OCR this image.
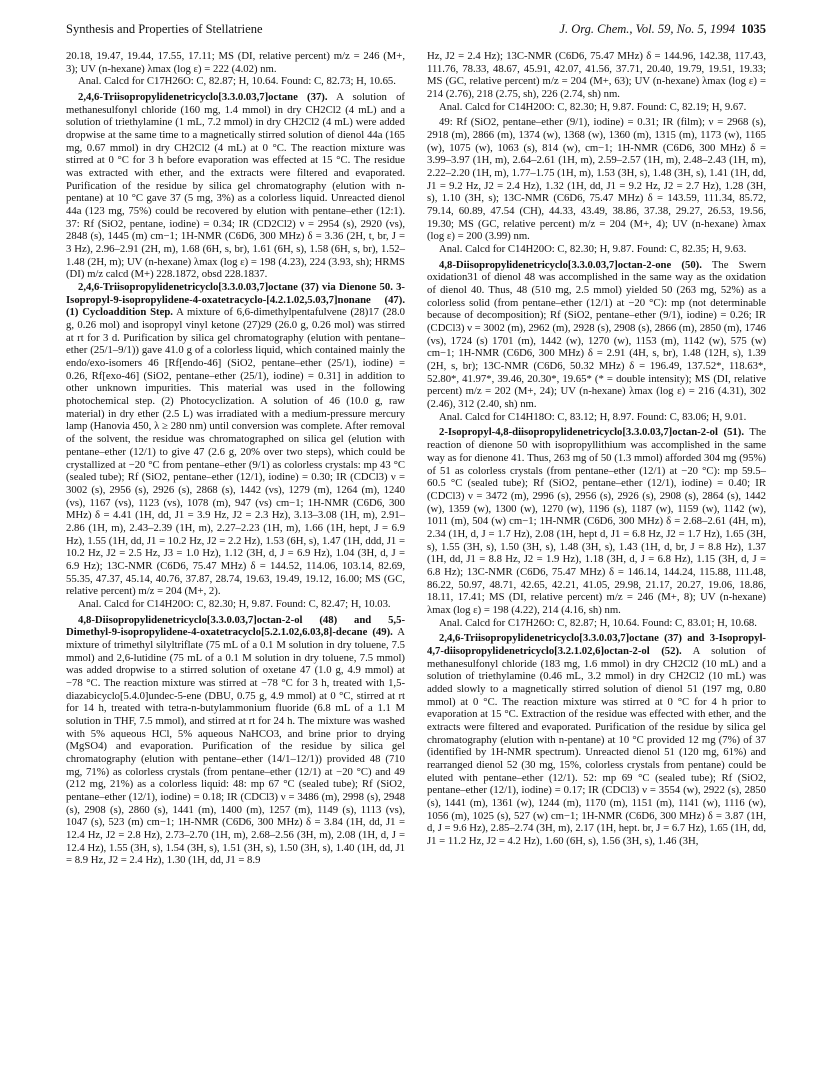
Synthesis and Properties of Stellatriene	J. Org. Chem., Vol. 59, No. 5, 1994 1035

20.18, 19.47, 19.44, 17.55, 17.11; MS (DI, relative percent) m/z = 246 (M+, 3); UV (n-hexane) λmax (log ε) = 222 (4.02) nm.

Anal. Calcd for C17H26O: C, 82.87; H, 10.64. Found: C, 82.73; H, 10.65.

2,4,6-Triisopropylidenetricyclo[3.3.0.03,7]octane (37). A solution of methanesulfonyl chloride (160 mg, 1.4 mmol) in dry CH2Cl2 (4 mL) and a solution of triethylamine (1 mL, 7.2 mmol) in dry CH2Cl2 (4 mL) were added dropwise at the same time to a magnetically stirred solution of dienol 44a (165 mg, 0.67 mmol) in dry CH2Cl2 (4 mL) at 0 °C. The reaction mixture was stirred at 0 °C for 3 h before evaporation was effected at 15 °C. The residue was extracted with ether, and the extracts were filtered and evaporated. Purification of the residue by silica gel chromatography (elution with n-pentane) at 10 °C gave 37 (5 mg, 3%) as a colorless liquid. Unreacted dienol 44a (123 mg, 75%) could be recovered by elution with pentane–ether (12:1). 37: Rf (SiO2, pentane, iodine) = 0.34; IR (CD2Cl2) ν = 2954 (s), 2920 (vs), 2848 (s), 1445 (m) cm−1; 1H-NMR (C6D6, 300 MHz) δ = 3.36 (2H, t, br, J = 3 Hz), 2.96–2.91 (2H, m), 1.68 (6H, s, br), 1.61 (6H, s), 1.58 (6H, s, br), 1.52–1.48 (2H, m); UV (n-hexane) λmax (log ε) = 198 (4.23), 224 (3.93, sh); HRMS (DI) m/z calcd (M+) 228.1872, obsd 228.1837.

2,4,6-Triisopropylidenetricyclo[3.3.0.03,7]octane (37) via Dienone 50. 3-Isopropyl-9-isopropylidene-4-oxatetracyclo-[4.2.1.02,5.03,7]nonane (47). (1) Cycloaddition Step. A mixture of 6,6-dimethylpentafulvene (28)17 (28.0 g, 0.26 mol) and isopropyl vinyl ketone (27)29 (26.0 g, 0.26 mol) was stirred at rt for 3 d. Purification by silica gel chromatography (elution with pentane–ether (25/1–9/1)) gave 41.0 g of a colorless liquid, which contained mainly the endo/exo-isomers 46 [Rf[endo-46] (SiO2, pentane–ether (25/1), iodine) = 0.26, Rf[exo-46] (SiO2, pentane–ether (25/1), iodine) = 0.31] in addition to other unknown impurities. This material was used in the following photochemical step. (2) Photocyclization. A solution of 46 (10.0 g, raw material) in dry ether (2.5 L) was irradiated with a medium-pressure mercury lamp (Hanovia 450, λ ≥ 280 nm) until conversion was complete. After removal of the solvent, the residue was chromatographed on silica gel (elution with pentane–ether (12/1) to give 47 (2.6 g, 20% over two steps), which could be crystallized at −20 °C from pentane–ether (9/1) as colorless crystals: mp 43 °C (sealed tube); Rf (SiO2, pentane–ether (12/1), iodine) = 0.30; IR (CDCl3) ν = 3002 (s), 2956 (s), 2926 (s), 2868 (s), 1442 (vs), 1279 (m), 1264 (m), 1240 (vs), 1167 (vs), 1123 (vs), 1078 (m), 947 (vs) cm−1; 1H-NMR (C6D6, 300 MHz) δ = 4.41 (1H, dd, J1 = 3.9 Hz, J2 = 2.3 Hz), 3.13–3.08 (1H, m), 2.91–2.86 (1H, m), 2.43–2.39 (1H, m), 2.27–2.23 (1H, m), 1.66 (1H, hept, J = 6.9 Hz), 1.55 (1H, dd, J1 = 10.2 Hz, J2 = 2.2 Hz), 1.53 (6H, s), 1.47 (1H, ddd, J1 = 10.2 Hz, J2 = 2.5 Hz, J3 = 1.0 Hz), 1.12 (3H, d, J = 6.9 Hz), 1.04 (3H, d, J = 6.9 Hz); 13C-NMR (C6D6, 75.47 MHz) δ = 144.52, 114.06, 103.14, 82.69, 55.35, 47.37, 45.14, 40.76, 37.87, 28.74, 19.63, 19.49, 19.12, 16.00; MS (GC, relative percent) m/z = 204 (M+, 2).

Anal. Calcd for C14H20O: C, 82.30; H, 9.87. Found: C, 82.47; H, 10.03.

4,8-Diisopropylidenetricyclo[3.3.0.03,7]octan-2-ol (48) and 5,5-Dimethyl-9-isopropylidene-4-oxatetracyclo[5.2.1.02,6.03,8]-decane (49). A mixture of trimethyl silyltriflate (75 mL of a 0.1 M solution in dry toluene, 7.5 mmol) and 2,6-lutidine (75 mL of a 0.1 M solution in dry toluene, 7.5 mmol) was added dropwise to a stirred solution of oxetane 47 (1.0 g, 4.9 mmol) at −78 °C. The reaction mixture was stirred at −78 °C for 3 h, treated with 1,5-diazabicyclo[5.4.0]undec-5-ene (DBU, 0.75 g, 4.9 mmol) at 0 °C, stirred at rt for 14 h, treated with tetra-n-butylammonium fluoride (6.8 mL of a 1.1 M solution in THF, 7.5 mmol), and stirred at rt for 24 h. The mixture was washed with 5% aqueous HCl, 5% aqueous NaHCO3, and brine prior to drying (MgSO4) and evaporation. Purification of the residue by silica gel chromatography (elution with pentane–ether (14/1–12/1)) provided 48 (710 mg, 71%) as colorless crystals (from pentane–ether (12/1) at −20 °C) and 49 (212 mg, 21%) as a colorless liquid: 48: mp 67 °C (sealed tube); Rf (SiO2, pentane–ether (12/1), iodine) = 0.18; IR (CDCl3) ν = 3486 (m), 2998 (s), 2948 (s), 2908 (s), 2860 (s), 1441 (m), 1400 (m), 1257 (m), 1149 (s), 1113 (vs), 1047 (s), 523 (m) cm−1; 1H-NMR (C6D6, 300 MHz) δ = 3.84 (1H, dd, J1 = 12.4 Hz, J2 = 2.8 Hz), 2.73–2.70 (1H, m), 2.68–2.56 (3H, m), 2.08 (1H, d, J = 12.4 Hz), 1.55 (3H, s), 1.54 (3H, s), 1.51 (3H, s), 1.50 (3H, s), 1.40 (1H, dd, J1 = 8.9 Hz, J2 = 2.4 Hz), 1.30 (1H, dd, J1 = 8.9

Hz, J2 = 2.4 Hz); 13C-NMR (C6D6, 75.47 MHz) δ = 144.96, 142.38, 117.43, 111.76, 78.33, 48.67, 45.91, 42.07, 41.56, 37.71, 20.40, 19.79, 19.51, 19.33; MS (GC, relative percent) m/z = 204 (M+, 63); UV (n-hexane) λmax (log ε) = 214 (2.76), 218 (2.75, sh), 226 (2.74, sh) nm.

Anal. Calcd for C14H20O: C, 82.30; H, 9.87. Found: C, 82.19; H, 9.67.

49: Rf (SiO2, pentane–ether (9/1), iodine) = 0.31; IR (film); ν = 2968 (s), 2918 (m), 2866 (m), 1374 (w), 1368 (w), 1360 (m), 1315 (m), 1173 (w), 1165 (w), 1075 (w), 1063 (s), 814 (w), cm−1; 1H-NMR (C6D6, 300 MHz) δ = 3.99–3.97 (1H, m), 2.64–2.61 (1H, m), 2.59–2.57 (1H, m), 2.48–2.43 (1H, m), 2.22–2.20 (1H, m), 1.77–1.75 (1H, m), 1.53 (3H, s), 1.48 (3H, s), 1.41 (1H, dd, J1 = 9.2 Hz, J2 = 2.4 Hz), 1.32 (1H, dd, J1 = 9.2 Hz, J2 = 2.7 Hz), 1.28 (3H, s), 1.10 (3H, s); 13C-NMR (C6D6, 75.47 MHz) δ = 143.59, 111.34, 85.72, 79.14, 60.89, 47.54 (CH), 44.33, 43.49, 38.86, 37.38, 29.27, 26.53, 19.56, 19.30; MS (GC, relative percent) m/z = 204 (M+, 4); UV (n-hexane) λmax (log ε) = 200 (3.99) nm.

Anal. Calcd for C14H20O: C, 82.30; H, 9.87. Found: C, 82.35; H, 9.63.

4,8-Diisopropylidenetricyclo[3.3.0.03,7]octan-2-one (50). The Swern oxidation31 of dienol 48 was accomplished in the same way as the oxidation of dienol 40. Thus, 48 (510 mg, 2.5 mmol) yielded 50 (263 mg, 52%) as a colorless solid (from pentane–ether (12/1) at −20 °C): mp (not determinable because of decomposition); Rf (SiO2, pentane–ether (9/1), iodine) = 0.26; IR (CDCl3) ν = 3002 (m), 2962 (m), 2928 (s), 2908 (s), 2866 (m), 2850 (m), 1746 (vs), 1724 (s) 1701 (m), 1442 (w), 1270 (w), 1153 (m), 1142 (w), 575 (w) cm−1; 1H-NMR (C6D6, 300 MHz) δ = 2.91 (4H, s, br), 1.48 (12H, s), 1.39 (2H, s, br); 13C-NMR (C6D6, 50.32 MHz) δ = 196.49, 137.52*, 118.63*, 52.80*, 41.97*, 39.46, 20.30*, 19.65* (* = double intensity); MS (DI, relative percent) m/z = 202 (M+, 24); UV (n-hexane) λmax (log ε) = 216 (4.31), 302 (2.46), 312 (2.40, sh) nm.

Anal. Calcd for C14H18O: C, 83.12; H, 8.97. Found: C, 83.06; H, 9.01.

2-Isopropyl-4,8-diisopropylidenetricyclo[3.3.0.03,7]octan-2-ol (51). The reaction of dienone 50 with isopropyllithium was accomplished in the same way as for dienone 41. Thus, 263 mg of 50 (1.3 mmol) afforded 304 mg (95%) of 51 as colorless crystals (from pentane–ether (12/1) at −20 °C): mp 59.5–60.5 °C (sealed tube); Rf (SiO2, pentane–ether (12/1), iodine) = 0.40; IR (CDCl3) ν = 3472 (m), 2996 (s), 2956 (s), 2926 (s), 2908 (s), 2864 (s), 1442 (w), 1359 (w), 1300 (w), 1270 (w), 1196 (s), 1187 (w), 1159 (w), 1142 (w), 1011 (m), 504 (w) cm−1; 1H-NMR (C6D6, 300 MHz) δ = 2.68–2.61 (4H, m), 2.34 (1H, d, J = 1.7 Hz), 2.08 (1H, hept d, J1 = 6.8 Hz, J2 = 1.7 Hz), 1.65 (3H, s), 1.55 (3H, s), 1.50 (3H, s), 1.48 (3H, s), 1.43 (1H, d, br, J = 8.8 Hz), 1.37 (1H, dd, J1 = 8.8 Hz, J2 = 1.9 Hz), 1.18 (3H, d, J = 6.8 Hz), 1.15 (3H, d, J = 6.8 Hz); 13C-NMR (C6D6, 75.47 MHz) δ = 146.14, 144.24, 115.88, 111.48, 86.22, 50.97, 48.71, 42.65, 42.21, 41.05, 29.98, 21.17, 20.27, 19.06, 18.86, 18.11, 17.41; MS (DI, relative percent) m/z = 246 (M+, 8); UV (n-hexane) λmax (log ε) = 198 (4.22), 214 (4.16, sh) nm.

Anal. Calcd for C17H26O: C, 82.87; H, 10.64. Found: C, 83.01; H, 10.68.

2,4,6-Triisopropylidenetricyclo[3.3.0.03,7]octane (37) and 3-Isopropyl-4,7-diisopropylidenetricyclo[3.2.1.02,6]octan-2-ol (52). A solution of methanesulfonyl chloride (183 mg, 1.6 mmol) in dry CH2Cl2 (10 mL) and a solution of triethylamine (0.46 mL, 3.2 mmol) in dry CH2Cl2 (10 mL) was added slowly to a magnetically stirred solution of dienol 51 (197 mg, 0.80 mmol) at 0 °C. The reaction mixture was stirred at 0 °C for 4 h prior to evaporation at 15 °C. Extraction of the residue was effected with ether, and the extracts were filtered and evaporated. Purification of the residue by silica gel chromatography (elution with n-pentane) at 10 °C provided 12 mg (7%) of 37 (identified by 1H-NMR spectrum). Unreacted dienol 51 (120 mg, 61%) and rearranged dienol 52 (30 mg, 15%, colorless crystals from pentane) could be eluted with pentane–ether (12/1). 52: mp 69 °C (sealed tube); Rf (SiO2, pentane–ether (12/1), iodine) = 0.17; IR (CDCl3) ν = 3554 (w), 2922 (s), 2850 (s), 1441 (m), 1361 (w), 1244 (m), 1170 (m), 1151 (m), 1141 (w), 1116 (w), 1056 (m), 1025 (s), 527 (w) cm−1; 1H-NMR (C6D6, 300 MHz) δ = 3.87 (1H, d, J = 9.6 Hz), 2.85–2.74 (3H, m), 2.17 (1H, hept. br, J = 6.7 Hz), 1.65 (1H, dd, J1 = 11.2 Hz, J2 = 4.2 Hz), 1.60 (6H, s), 1.56 (3H, s), 1.46 (3H,
